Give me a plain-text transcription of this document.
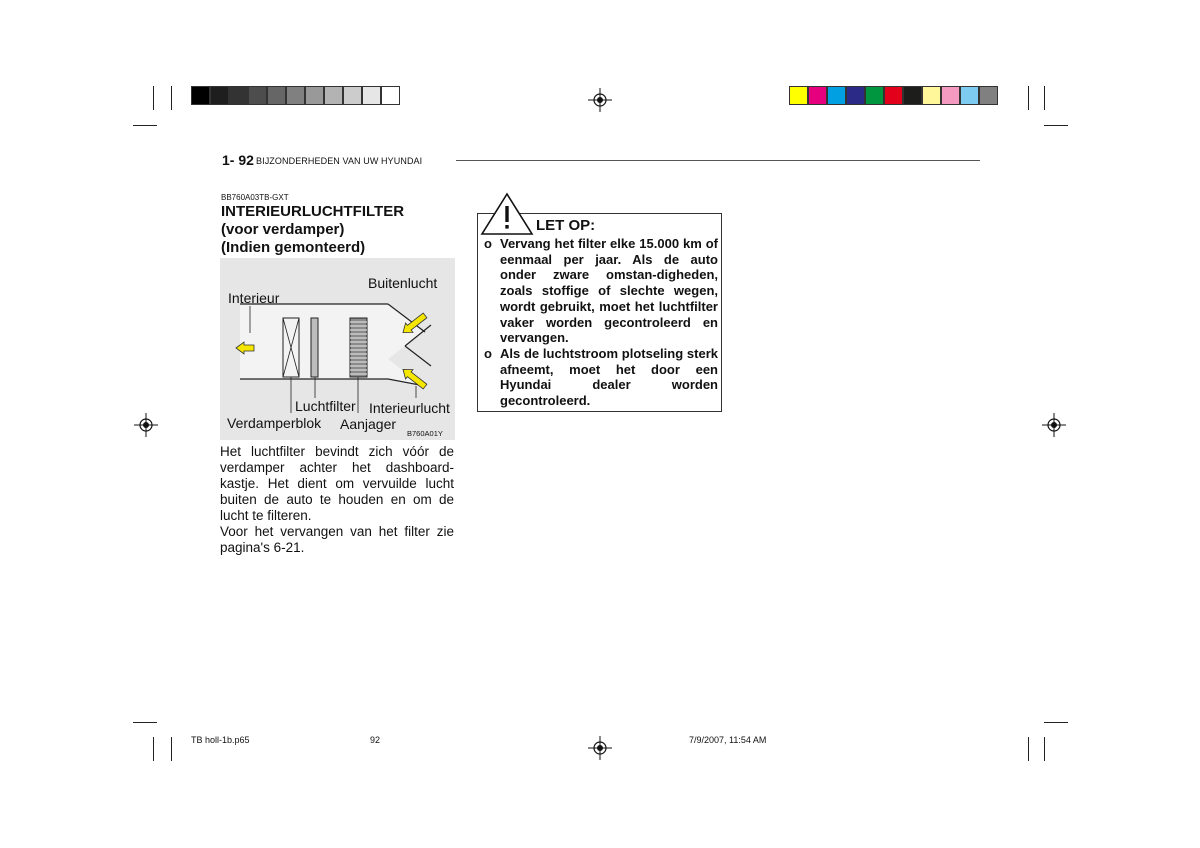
1- 92 BIJZONDERHEDEN VAN UW HYUNDAI
BB760A03TB-GXT
INTERIEURLUCHTFILTER
(voor verdamper)
(Indien gemonteerd)
Interieur
Buitenlucht
Luchtfilter Interieurlucht
Verdamperblok Aanjager
B760A01Y

Het luchtfilter bevindt zich vóór de verdamper achter het dashboard-kastje. Het dient om vervuilde lucht buiten de auto te houden en om de lucht te filteren.

Voor het vervangen van het filter zie pagina's 6-21.

LET OP:
o Vervang het filter elke 15.000 km of eenmaal per jaar. Als de auto onder zware omstan-digheden, zoals stoffige of slechte wegen, wordt gebruikt, moet het luchtfilter vaker worden gecontroleerd en vervangen.
o Als de luchtstroom plotseling sterk afneemt, moet het door een Hyundai dealer worden gecontroleerd.
TB holl-1b.p65	92	7/9/2007, 11:54 AM
